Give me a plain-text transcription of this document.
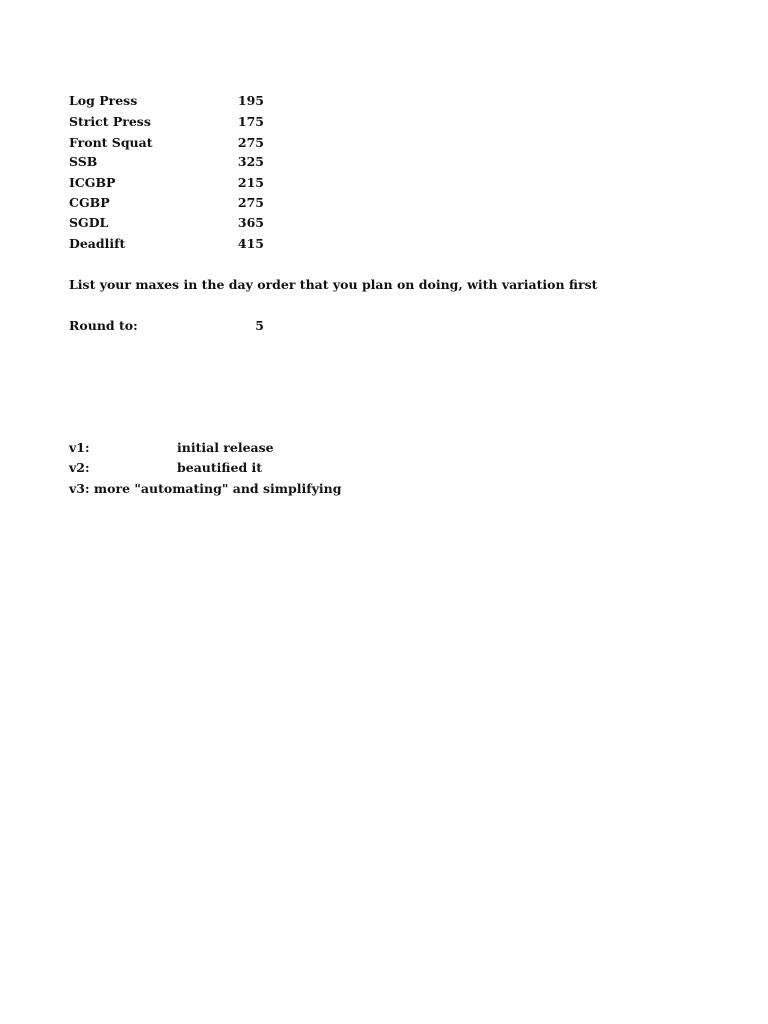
Log Press	195
Strict Press	175
Front Squat	275
SSB	325
ICGBP	215
CGBP	275
SGDL	365
Deadlift	415
List your maxes in the day order that you plan on doing, with variation first
Round to:	5
v1:	initial release
v2:	beautified it
v3: more "automating" and simplifying
